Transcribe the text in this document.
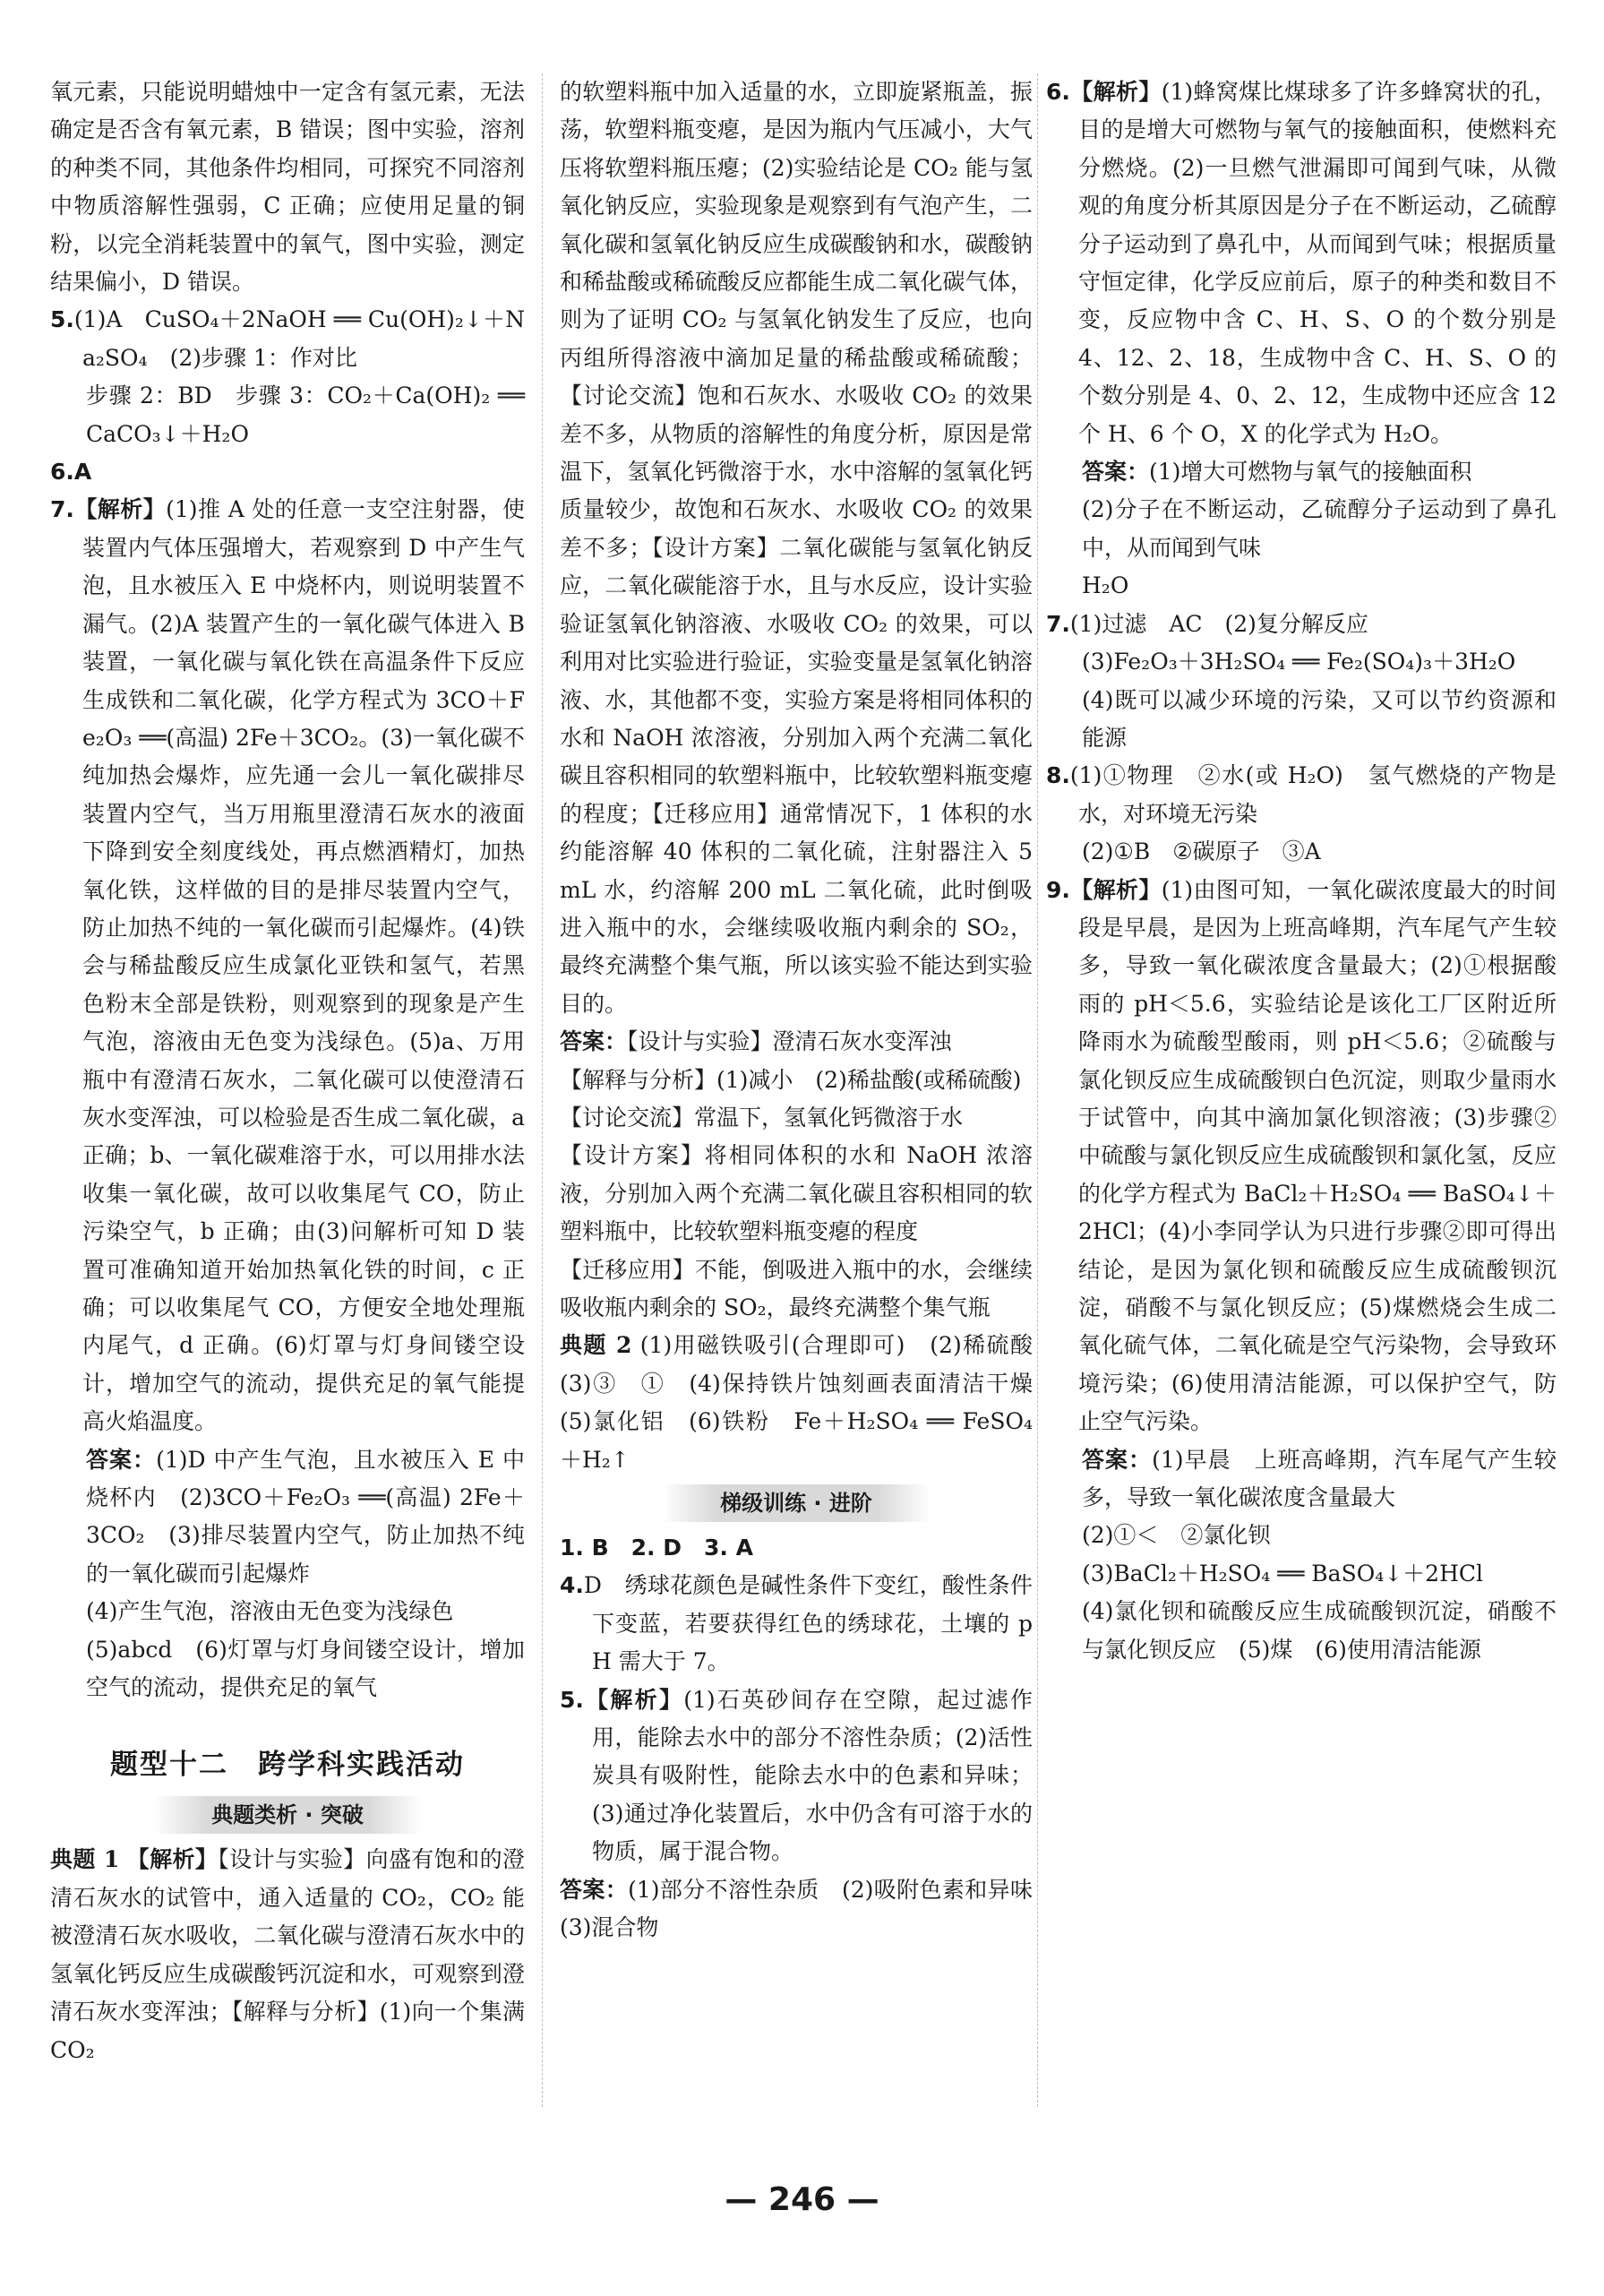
氧元素，只能说明蜡烛中一定含有氢元素，无法确定是否含有氧元素，B 错误；图中实验，溶剂的种类不同，其他条件均相同，可探究不同溶剂中物质溶解性强弱，C 正确；应使用足量的铜粉，以完全消耗装置中的氧气，图中实验，测定结果偏小，D 错误。

5.(1)A　CuSO₄＋2NaOH ══ Cu(OH)₂↓＋Na₂SO₄　(2)步骤 1：作对比

步骤 2：BD　步骤 3：CO₂＋Ca(OH)₂ ══ CaCO₃↓＋H₂O

6.A

7.【解析】(1)推 A 处的任意一支空注射器，使装置内气体压强增大，若观察到 D 中产生气泡，且水被压入 E 中烧杯内，则说明装置不漏气。(2)A 装置产生的一氧化碳气体进入 B 装置，一氧化碳与氧化铁在高温条件下反应生成铁和二氧化碳，化学方程式为 3CO＋Fe₂O₃ ══(高温) 2Fe＋3CO₂。(3)一氧化碳不纯加热会爆炸，应先通一会儿一氧化碳排尽装置内空气，当万用瓶里澄清石灰水的液面下降到安全刻度线处，再点燃酒精灯，加热氧化铁，这样做的目的是排尽装置内空气，防止加热不纯的一氧化碳而引起爆炸。(4)铁会与稀盐酸反应生成氯化亚铁和氢气，若黑色粉末全部是铁粉，则观察到的现象是产生气泡，溶液由无色变为浅绿色。(5)a、万用瓶中有澄清石灰水，二氧化碳可以使澄清石灰水变浑浊，可以检验是否生成二氧化碳，a 正确；b、一氧化碳难溶于水，可以用排水法收集一氧化碳，故可以收集尾气 CO，防止污染空气，b 正确；由(3)问解析可知 D 装置可准确知道开始加热氧化铁的时间，c 正确；可以收集尾气 CO，方便安全地处理瓶内尾气，d 正确。(6)灯罩与灯身间镂空设计，增加空气的流动，提供充足的氧气能提高火焰温度。

答案：(1)D 中产生气泡，且水被压入 E 中烧杯内　(2)3CO＋Fe₂O₃ ══(高温) 2Fe＋3CO₂　(3)排尽装置内空气，防止加热不纯的一氧化碳而引起爆炸

(4)产生气泡，溶液由无色变为浅绿色

(5)abcd　(6)灯罩与灯身间镂空设计，增加空气的流动，提供充足的氧气

题型十二　跨学科实践活动
典题类析 · 突破

典题 1 【解析】【设计与实验】向盛有饱和的澄清石灰水的试管中，通入适量的 CO₂，CO₂ 能被澄清石灰水吸收，二氧化碳与澄清石灰水中的氢氧化钙反应生成碳酸钙沉淀和水，可观察到澄清石灰水变浑浊；【解释与分析】(1)向一个集满 CO₂

的软塑料瓶中加入适量的水，立即旋紧瓶盖，振荡，软塑料瓶变瘪，是因为瓶内气压减小，大气压将软塑料瓶压瘪；(2)实验结论是 CO₂ 能与氢氧化钠反应，实验现象是观察到有气泡产生，二氧化碳和氢氧化钠反应生成碳酸钠和水，碳酸钠和稀盐酸或稀硫酸反应都能生成二氧化碳气体，则为了证明 CO₂ 与氢氧化钠发生了反应，也向丙组所得溶液中滴加足量的稀盐酸或稀硫酸；【讨论交流】饱和石灰水、水吸收 CO₂ 的效果差不多，从物质的溶解性的角度分析，原因是常温下，氢氧化钙微溶于水，水中溶解的氢氧化钙质量较少，故饱和石灰水、水吸收 CO₂ 的效果差不多；【设计方案】二氧化碳能与氢氧化钠反应，二氧化碳能溶于水，且与水反应，设计实验验证氢氧化钠溶液、水吸收 CO₂ 的效果，可以利用对比实验进行验证，实验变量是氢氧化钠溶液、水，其他都不变，实验方案是将相同体积的水和 NaOH 浓溶液，分别加入两个充满二氧化碳且容积相同的软塑料瓶中，比较软塑料瓶变瘪的程度；【迁移应用】通常情况下，1 体积的水约能溶解 40 体积的二氧化硫，注射器注入 5 mL 水，约溶解 200 mL 二氧化硫，此时倒吸进入瓶中的水，会继续吸收瓶内剩余的 SO₂，最终充满整个集气瓶，所以该实验不能达到实验目的。

答案：【设计与实验】澄清石灰水变浑浊

【解释与分析】(1)减小　(2)稀盐酸(或稀硫酸)

【讨论交流】常温下，氢氧化钙微溶于水

【设计方案】将相同体积的水和 NaOH 浓溶液，分别加入两个充满二氧化碳且容积相同的软塑料瓶中，比较软塑料瓶变瘪的程度

【迁移应用】不能，倒吸进入瓶中的水，会继续吸收瓶内剩余的 SO₂，最终充满整个集气瓶

典题 2 (1)用磁铁吸引(合理即可)　(2)稀硫酸　(3)③　①　(4)保持铁片蚀刻画表面清洁干燥　(5)氯化铝　(6)铁粉　Fe＋H₂SO₄ ══ FeSO₄＋H₂↑

梯级训练 · 进阶

1. B　2. D　3. A

4.D　绣球花颜色是碱性条件下变红，酸性条件下变蓝，若要获得红色的绣球花，土壤的 pH 需大于 7。

5.【解析】(1)石英砂间存在空隙，起过滤作用，能除去水中的部分不溶性杂质；(2)活性炭具有吸附性，能除去水中的色素和异味；(3)通过净化装置后，水中仍含有可溶于水的物质，属于混合物。

答案：(1)部分不溶性杂质　(2)吸附色素和异味　(3)混合物

6.【解析】(1)蜂窝煤比煤球多了许多蜂窝状的孔，目的是增大可燃物与氧气的接触面积，使燃料充分燃烧。(2)一旦燃气泄漏即可闻到气味，从微观的角度分析其原因是分子在不断运动，乙硫醇分子运动到了鼻孔中，从而闻到气味；根据质量守恒定律，化学反应前后，原子的种类和数目不变，反应物中含 C、H、S、O 的个数分别是 4、12、2、18，生成物中含 C、H、S、O 的个数分别是 4、0、2、12，生成物中还应含 12 个 H、6 个 O，X 的化学式为 H₂O。

答案：(1)增大可燃物与氧气的接触面积

(2)分子在不断运动，乙硫醇分子运动到了鼻孔中，从而闻到气味

H₂O

7.(1)过滤　AC　(2)复分解反应

(3)Fe₂O₃＋3H₂SO₄ ══ Fe₂(SO₄)₃＋3H₂O

(4)既可以减少环境的污染，又可以节约资源和能源

8.(1)①物理　②水(或 H₂O)　氢气燃烧的产物是水，对环境无污染

(2)①B　②碳原子　③A

9.【解析】(1)由图可知，一氧化碳浓度最大的时间段是早晨，是因为上班高峰期，汽车尾气产生较多，导致一氧化碳浓度含量最大；(2)①根据酸雨的 pH＜5.6，实验结论是该化工厂区附近所降雨水为硫酸型酸雨，则 pH＜5.6；②硫酸与氯化钡反应生成硫酸钡白色沉淀，则取少量雨水于试管中，向其中滴加氯化钡溶液；(3)步骤②中硫酸与氯化钡反应生成硫酸钡和氯化氢，反应的化学方程式为 BaCl₂＋H₂SO₄ ══ BaSO₄↓＋2HCl；(4)小李同学认为只进行步骤②即可得出结论，是因为氯化钡和硫酸反应生成硫酸钡沉淀，硝酸不与氯化钡反应；(5)煤燃烧会生成二氧化硫气体，二氧化硫是空气污染物，会导致环境污染；(6)使用清洁能源，可以保护空气，防止空气污染。

答案：(1)早晨　上班高峰期，汽车尾气产生较多，导致一氧化碳浓度含量最大

(2)①＜　②氯化钡

(3)BaCl₂＋H₂SO₄ ══ BaSO₄↓＋2HCl

(4)氯化钡和硫酸反应生成硫酸钡沉淀，硝酸不与氯化钡反应　(5)煤　(6)使用清洁能源

— 246 —
